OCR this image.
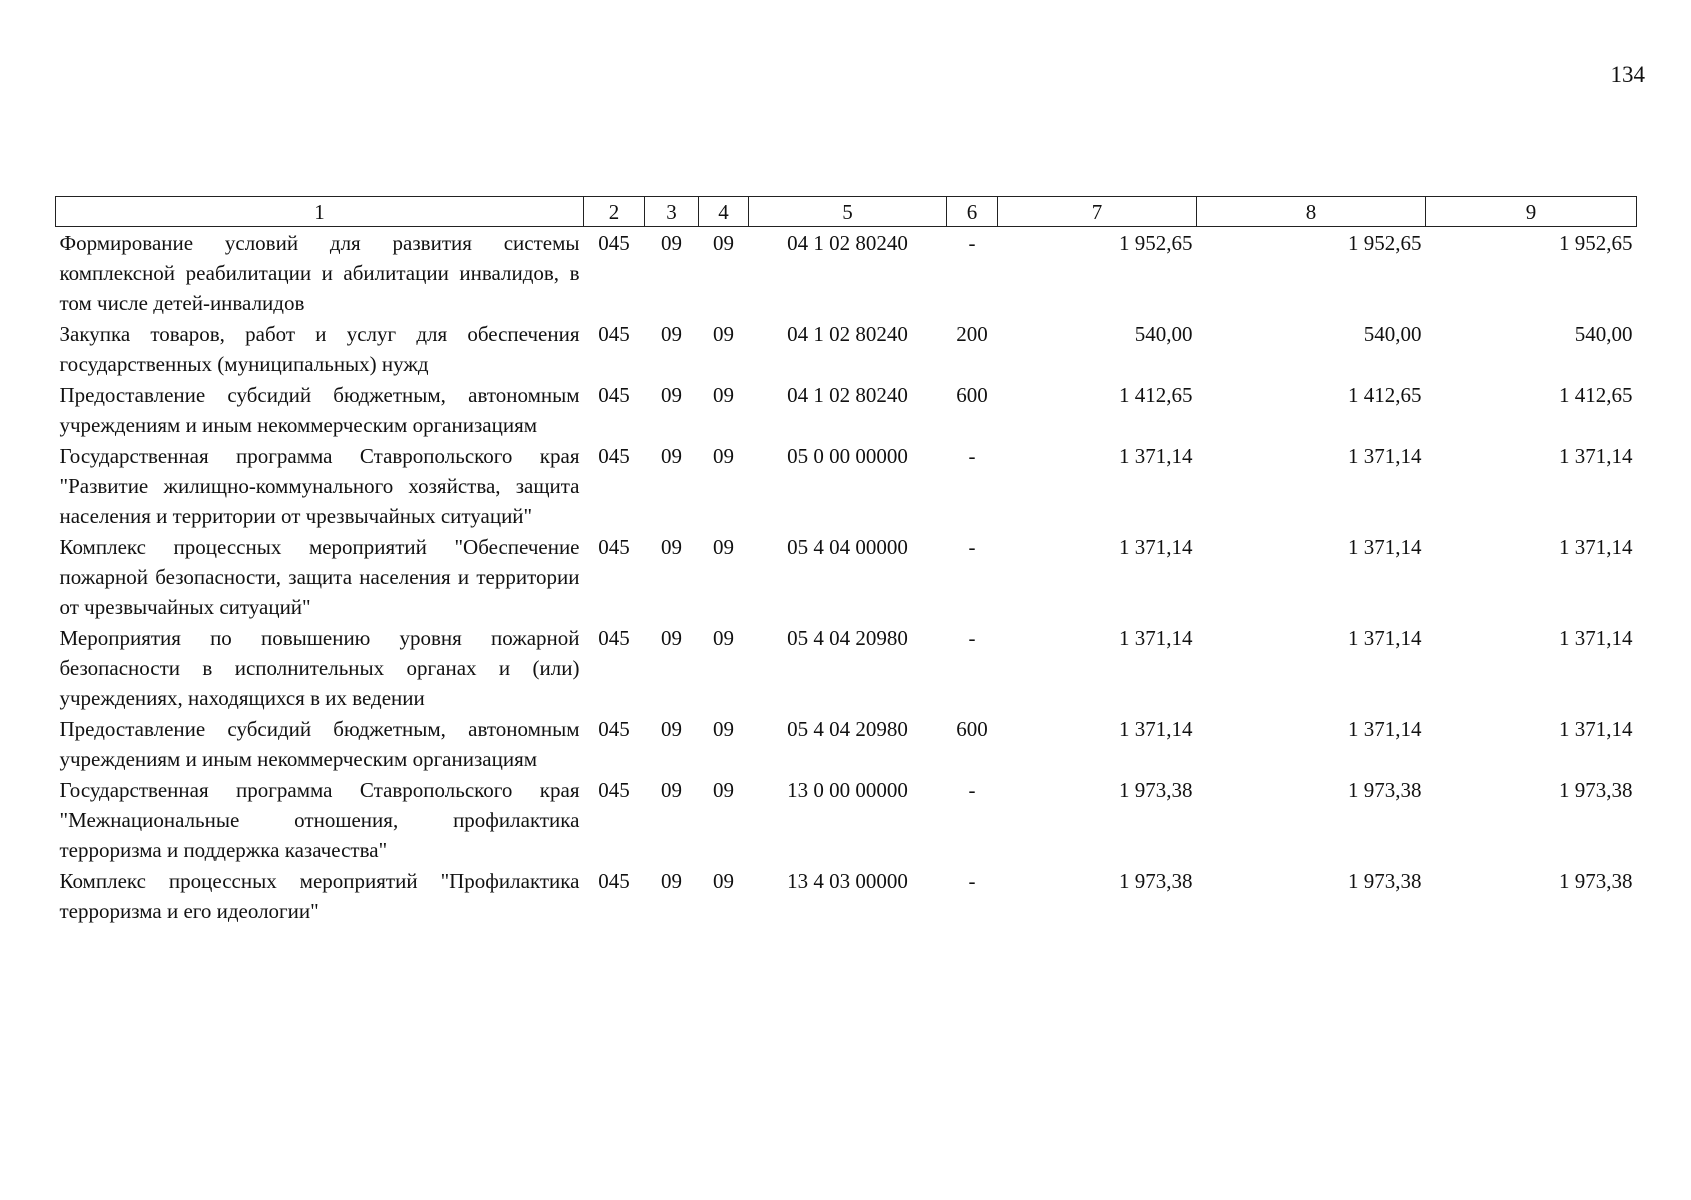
134
1	2	3	4	5	6	7	8	9
Формирование условий для развития системы комплексной реабилитации и абилитации инвалидов, в том числе детей-инвалидов	045	09	09	04 1 02 80240	-	1 952,65	1 952,65	1 952,65
Закупка товаров, работ и услуг для обеспечения государственных (муниципальных) нужд	045	09	09	04 1 02 80240	200	540,00	540,00	540,00
Предоставление субсидий бюджетным, автономным учреждениям и иным некоммерческим организациям	045	09	09	04 1 02 80240	600	1 412,65	1 412,65	1 412,65
Государственная программа Ставропольского края "Развитие жилищно-коммунального хозяйства, защита населения и территории от чрезвычайных ситуаций"	045	09	09	05 0 00 00000	-	1 371,14	1 371,14	1 371,14
Комплекс процессных мероприятий "Обеспечение пожарной безопасности, защита населения и территории от чрезвычайных ситуаций"	045	09	09	05 4 04 00000	-	1 371,14	1 371,14	1 371,14
Мероприятия по повышению уровня пожарной безопасности в исполнительных органах и (или) учреждениях, находящихся в их ведении	045	09	09	05 4 04 20980	-	1 371,14	1 371,14	1 371,14
Предоставление субсидий бюджетным, автономным учреждениям и иным некоммерческим организациям	045	09	09	05 4 04 20980	600	1 371,14	1 371,14	1 371,14
Государственная программа Ставропольского края "Межнациональные отношения, профилактика терроризма и поддержка казачества"	045	09	09	13 0 00 00000	-	1 973,38	1 973,38	1 973,38
Комплекс процессных мероприятий "Профилактика терроризма и его идеологии"	045	09	09	13 4 03 00000	-	1 973,38	1 973,38	1 973,38
